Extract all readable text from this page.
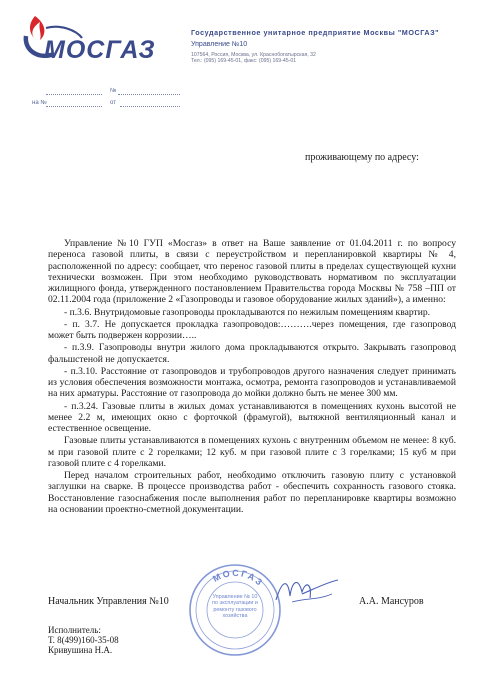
МОСГАЗ
Государственное унитарное предприятие Москвы "МОСГАЗ"
Управление №10
107564, Россия, Москва, ул. Краснобогатырская, 32
Тел.: (095) 169-45-01, факс: (095) 169-45-01
№
на №	от
проживающему по адресу:

Управление №10 ГУП «Мосгаз» в ответ на Ваше заявление от 01.04.2011 г. по вопросу переноса газовой плиты, в связи с переустройством и перепланировкой квартиры № 4, расположенной по адресу: сообщает, что перенос газовой плиты в пределах существующей кухни технически возможен. При этом необходимо руководствовать нормативом по эксплуатации жилищного фонда, утвержденного постановлением Правительства города Москвы № 758 –ПП от 02.11.2004 года (приложение 2 «Газопроводы и газовое оборудование жилых зданий»), а именно:

- п.3.6. Внутридомовые газопроводы прокладываются по нежилым помещениям квартир.

- п. 3.7. Не допускается прокладка газопроводов:……….через помещения, где газопровод может быть подвержен коррозии…..

- п.3.9. Газопроводы внутри жилого дома прокладываются открыто. Закрывать газопровод фальшстеной не допускается.

- п.3.10. Расстояние от газопроводов и трубопроводов другого назначения следует принимать из условия обеспечения возможности монтажа, осмотра, ремонта газопроводов и устанавливаемой на них арматуры. Расстояние от газопровода до мойки должно быть не менее 300 мм.

- п.3.24. Газовые плиты в жилых домах устанавливаются в помещениях кухонь высотой не менее 2.2 м, имеющих окно с форточкой (фрамугой), вытяжной вентиляционный канал и естественное освещение.

Газовые плиты устанавливаются в помещениях кухонь с внутренним объемом не менее: 8 куб. м при газовой плите с 2 горелками; 12 куб. м при газовой плите с 3 горелками; 15 куб м при газовой плите с 4 горелками.

Перед началом строительных работ, необходимо отключить газовую плиту с установкой заглушки на сварке. В процессе производства работ - обеспечить сохранность газового стояка. Восстановление газоснабжения после выполнения работ по перепланировке квартиры возможно на основании проектно-сметной документации.

МОСГАЗ
Управление № 10 по эксплуатации и ремонту газового хозяйства
Начальник Управления №10	А.А. Мансуров
Исполнитель:
Т. 8(499)160-35-08
Кривушина Н.А.
